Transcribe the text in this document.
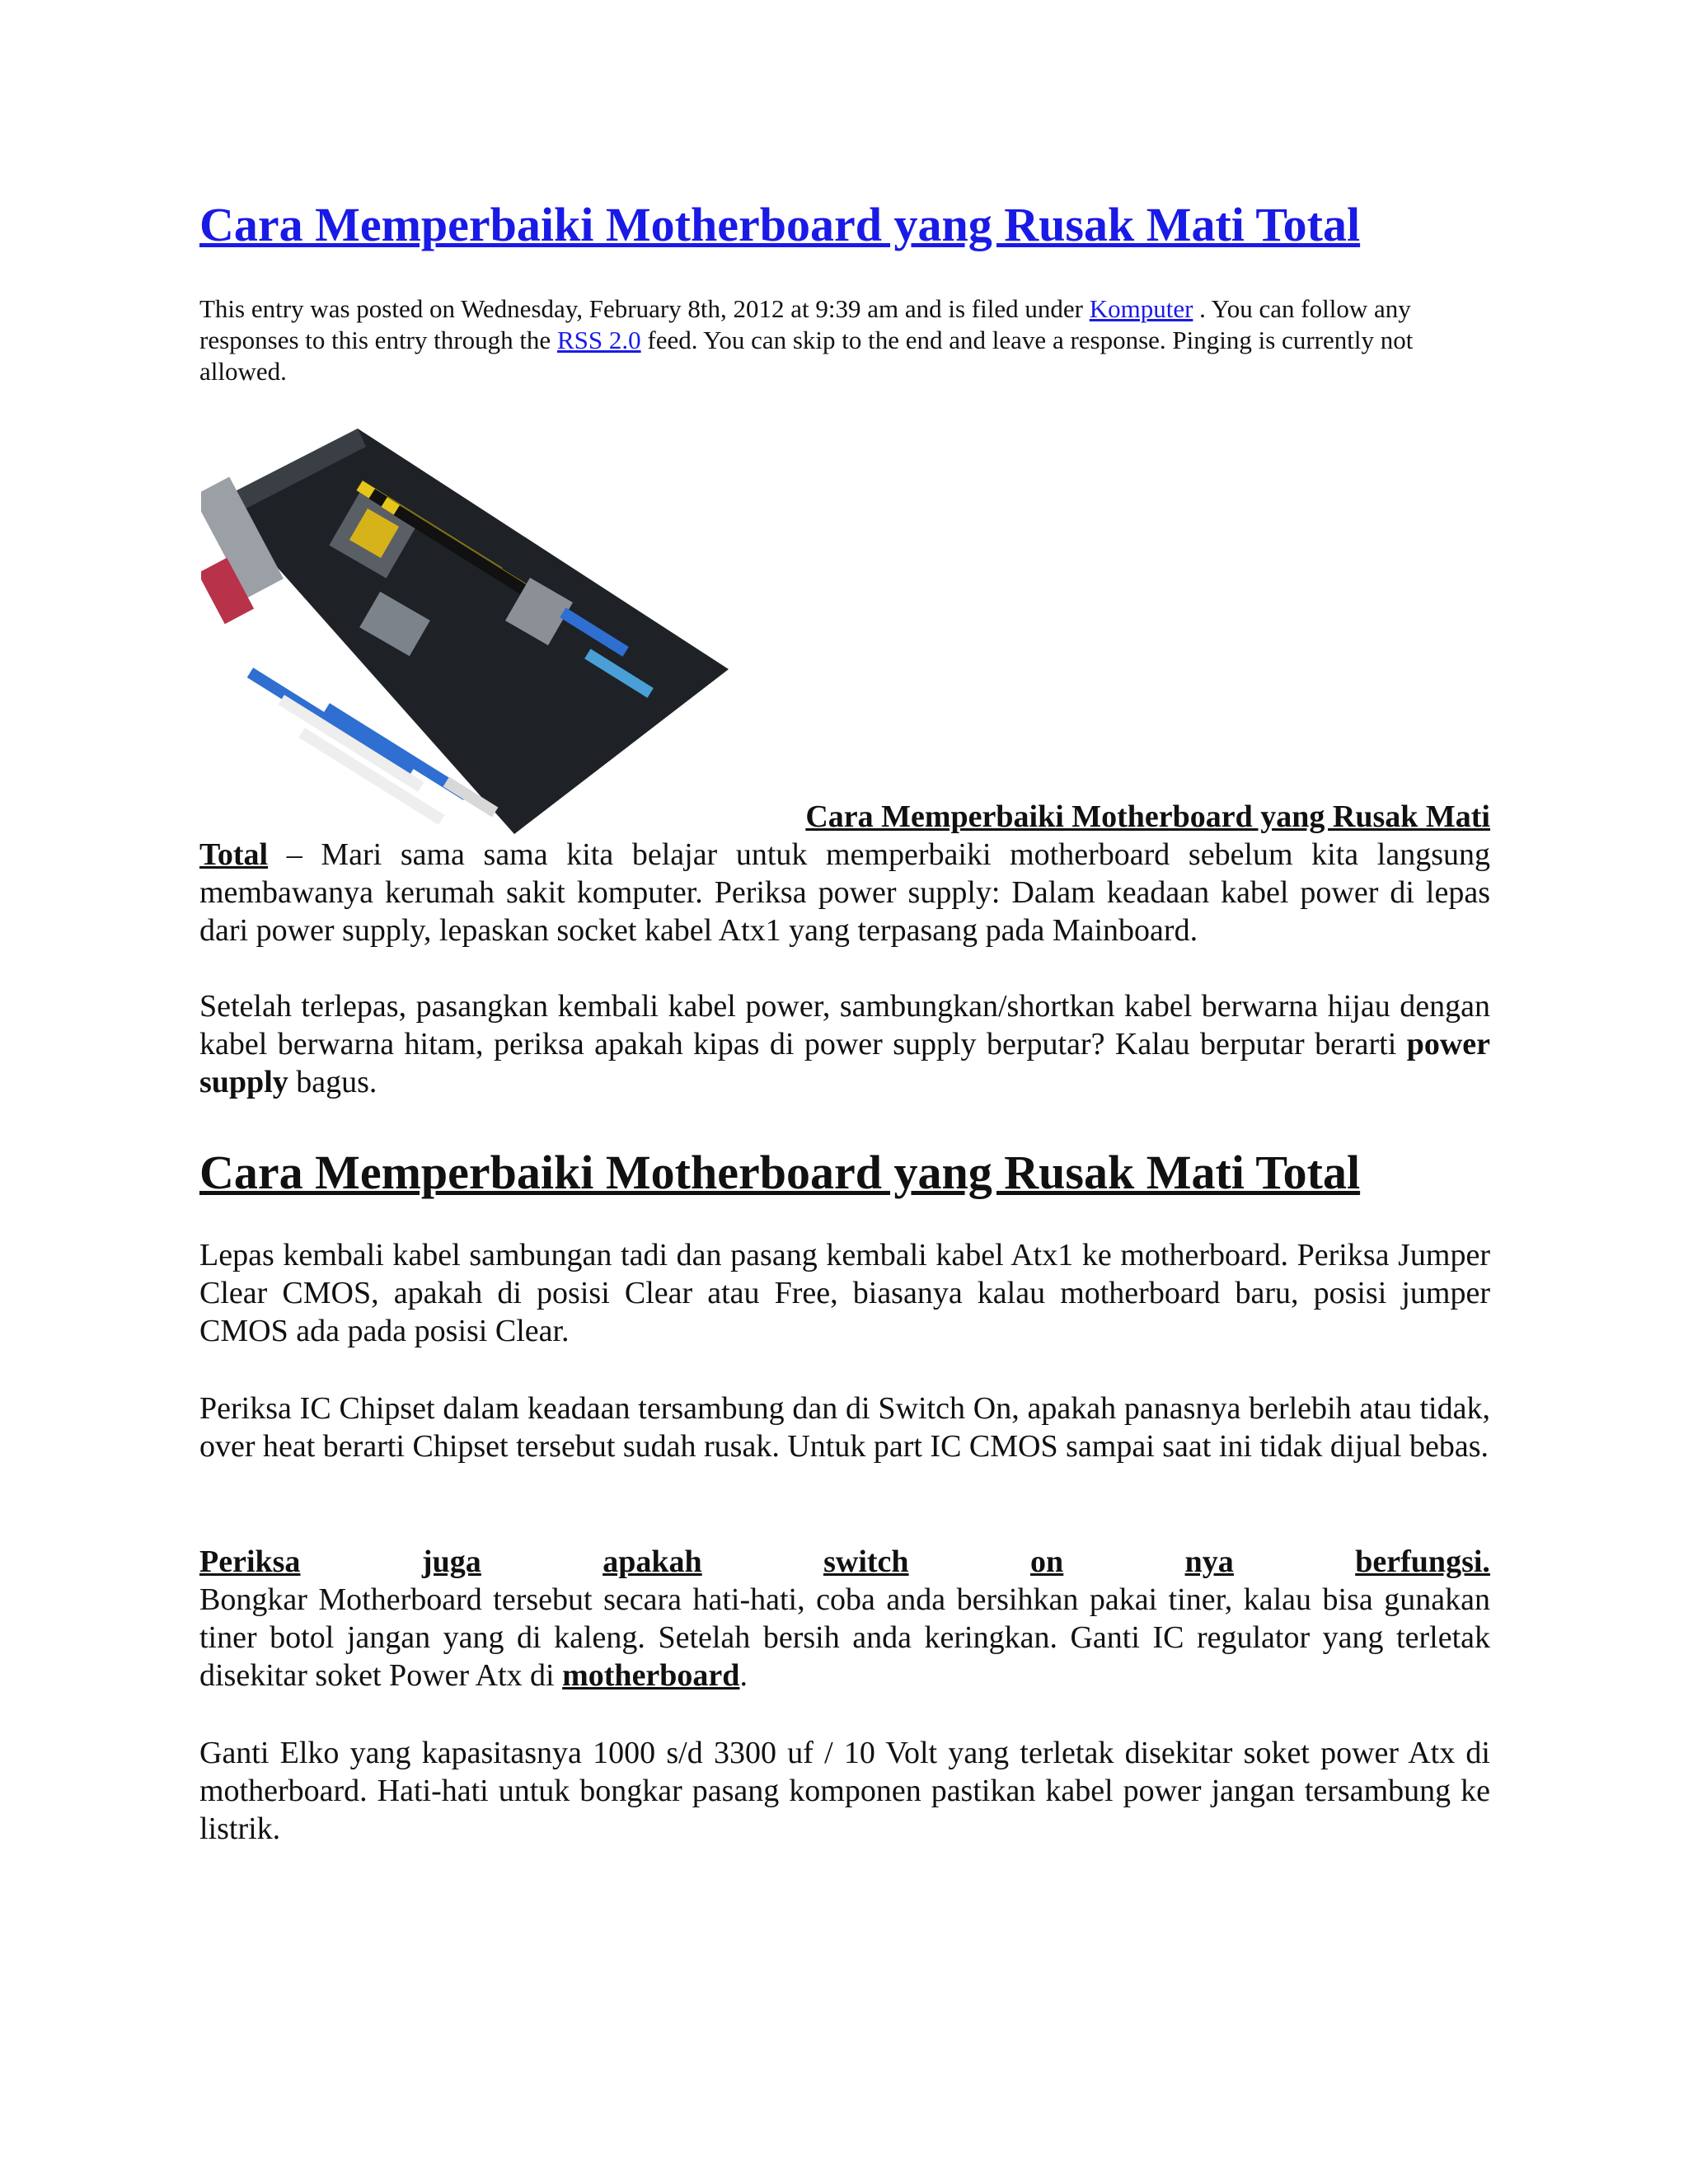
Cara Memperbaiki Motherboard yang Rusak Mati Total

This entry was posted on Wednesday, February 8th, 2012 at 9:39 am and is filed under Komputer . You can follow any responses to this entry through the RSS 2.0 feed. You can skip to the end and leave a response. Pinging is currently not allowed.

Cara Memperbaiki Motherboard yang Rusak Mati

Total – Mari sama sama kita belajar untuk memperbaiki motherboard sebelum kita langsung membawanya kerumah sakit komputer. Periksa power supply: Dalam keadaan kabel power di lepas dari power supply, lepaskan socket kabel Atx1 yang terpasang pada Mainboard.

Setelah terlepas, pasangkan kembali kabel power, sambungkan/shortkan kabel berwarna hijau dengan kabel berwarna hitam, periksa apakah kipas di power supply berputar? Kalau berputar berarti power supply bagus.

Cara Memperbaiki Motherboard yang Rusak Mati Total

Lepas kembali kabel sambungan tadi dan pasang kembali kabel Atx1 ke motherboard. Periksa Jumper Clear CMOS, apakah di posisi Clear atau Free, biasanya kalau motherboard baru, posisi jumper CMOS ada pada posisi Clear.

Periksa IC Chipset dalam keadaan tersambung dan di Switch On, apakah panasnya berlebih atau tidak, over heat berarti Chipset tersebut sudah rusak. Untuk part IC CMOS sampai saat ini tidak dijual bebas.

Periksa	juga	apakah	switch	on	nya	berfungsi.

Bongkar Motherboard tersebut secara hati-hati, coba anda bersihkan pakai tiner, kalau bisa gunakan tiner botol jangan yang di kaleng. Setelah bersih anda keringkan. Ganti IC regulator yang terletak disekitar soket Power Atx di motherboard.

Ganti Elko yang kapasitasnya 1000 s/d 3300 uf / 10 Volt yang terletak disekitar soket power Atx di motherboard. Hati-hati untuk bongkar pasang komponen pastikan kabel power jangan tersambung ke listrik.
